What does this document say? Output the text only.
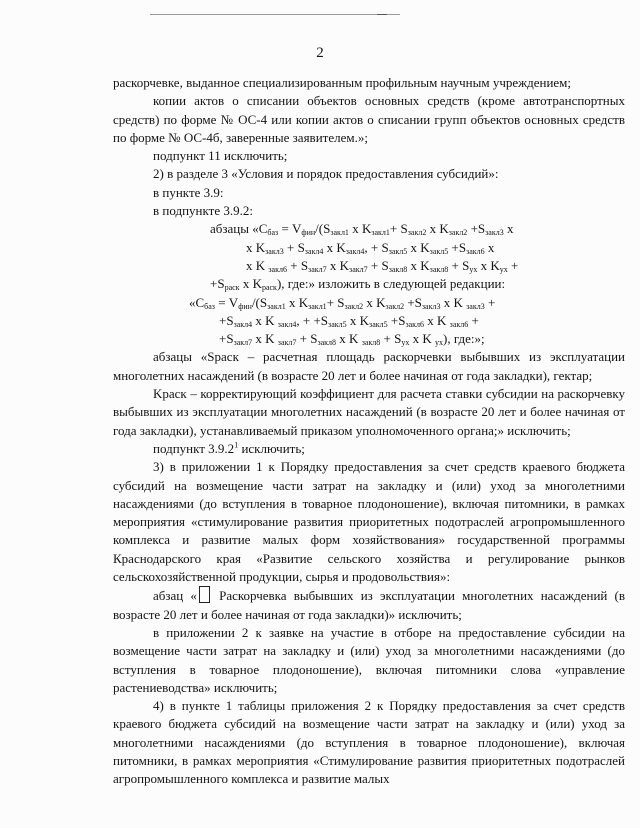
2

раскорчевке, выданное специализированным профильным научным учреждением;

копии актов о списании объектов основных средств (кроме автотранспортных средств) по форме № ОС-4 или копии актов о списании групп объектов основных средств по форме № ОС-4б, заверенные заявителем.»;

подпункт 11 исключить;

2) в разделе 3 «Условия и порядок предоставления субсидий»:

в пункте 3.9:

в подпункте 3.9.2:

абзацы «$C_{баз} = V_{фин}/(S_{закл1}$ x $K_{закл1}+ S_{закл2}$ x $K_{закл2} +S_{закл3}$ x
x $K_{закл3} + S_{закл4}$ x $K_{закл4}$, + $S_{закл5}$ x $K_{закл5} +S_{закл6}$ x
x K $_{закл6} + S_{закл7}$ x $K_{закл7} + S_{закл8}$ x $K_{закл8} + S_{ух}$ x $K_{ух}$ +
$+S_{раск}$ x $K_{раск}$), где:» изложить в следующей редакции:
«$C_{баз} = V_{фин}/(S_{закл1}$ x $K_{закл1}+ S_{закл2}$ x $K_{закл2} +S_{закл3}$ x K $_{закл3}$ +
$+S_{закл4}$ x K $_{закл4}$, + $+S_{закл5}$ x $K_{закл5} +S_{закл6}$ x K $_{закл6}$ +
$+S_{закл7}$ x K $_{закл7} + S_{закл8}$ x K $_{закл8} + S_{ух}$ x K $_{ух}$), где:»;

абзацы «Sраск – расчетная площадь раскорчевки выбывших из эксплуатации многолетних насаждений (в возрасте 20 лет и более начиная от года закладки), гектар;

Kраск – корректирующий коэффициент для расчета ставки субсидии на раскорчевку выбывших из эксплуатации многолетних насаждений (в возрасте 20 лет и более начиная от года закладки), устанавливаемый приказом уполномоченного органа;» исключить;

подпункт 3.9.2$^1$ исключить;

3) в приложении 1 к Порядку предоставления за счет средств краевого бюджета субсидий на возмещение части затрат на закладку и (или) уход за многолетними насаждениями (до вступления в товарное плодоношение), включая питомники, в рамках мероприятия «стимулирование развития приоритетных подотраслей агропромышленного комплекса и развитие малых форм хозяйствования» государственной программы Краснодарского края «Развитие сельского хозяйства и регулирование рынков сельскохозяйственной продукции, сырья и продовольствия»:

абзац « Раскорчевка выбывших из эксплуатации многолетних насаждений (в возрасте 20 лет и более начиная от года закладки)» исключить;

в приложении 2 к заявке на участие в отборе на предоставление субсидии на возмещение части затрат на закладку и (или) уход за многолетними насаждениями (до вступления в товарное плодоношение), включая питомники слова «управление растениеводства» исключить;

4) в пункте 1 таблицы приложения 2 к Порядку предоставления за счет средств краевого бюджета субсидий на возмещение части затрат на закладку и (или) уход за многолетними насаждениями (до вступления в товарное плодоношение), включая питомники, в рамках мероприятия «Стимулирование развития приоритетных подотраслей агропромышленного комплекса и развитие малых
